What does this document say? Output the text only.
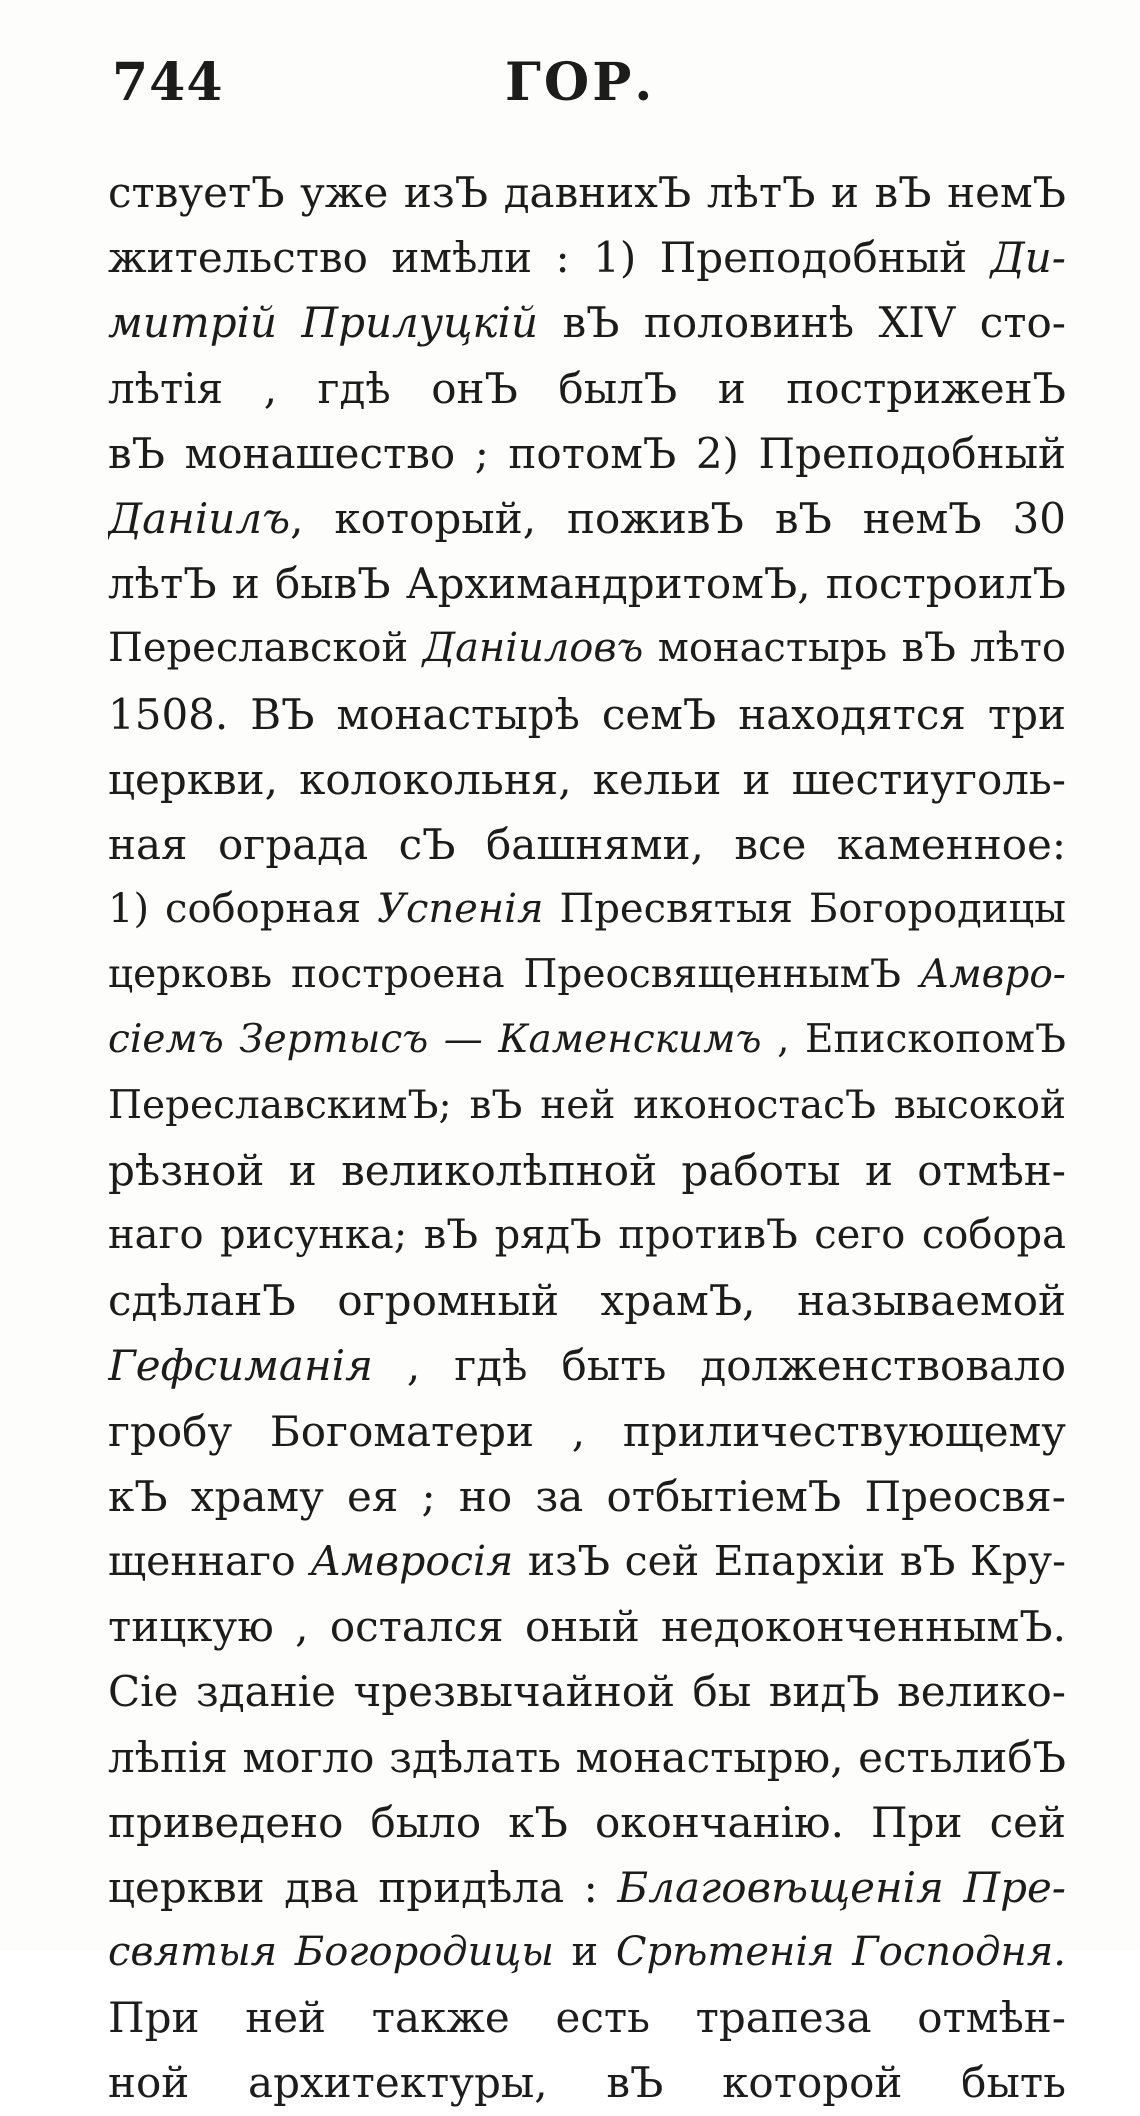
744	ГОР.
ствуетЪ уже изЪ давнихЪ лѣтЪ и вЪ немЪ
жительство имѣли : 1) Преподобный Ди-
митрiй Прилуцкiй вЪ половинѣ XIV сто-
лѣтiя , гдѣ онЪ былЪ и постриженЪ
вЪ монашество ; потомЪ 2) Преподобный
Данiилъ, который, поживЪ вЪ немЪ 30
лѣтЪ и бывЪ АрхимандритомЪ, построилЪ
Переславской Данiиловъ монастырь вЪ лѣто
1508. ВЪ монастырѣ семЪ находятся три
церкви, колокольня, кельи и шестиуголь-
ная ограда сЪ башнями, все каменное:
1) соборная Успенiя Пресвятыя Богородицы
церковь построена ПреосвященнымЪ Амвро-
сiемъ Зертысъ — Каменскимъ , ЕпископомЪ
ПереславскимЪ; вЪ ней иконостасЪ высокой
рѣзной и великолѣпной работы и отмѣн-
наго рисунка; вЪ рядЪ противЪ сего собора
сдѣланЪ огромный храмЪ, называемой
Гефсиманiя , гдѣ быть долженствовало
гробу Богоматери , приличествующему
кЪ храму ея ; но за отбытiемЪ Преосвя-
щеннаго Амвросiя изЪ сей Епархiи вЪ Кру-
тицкую , остался оный недоконченнымЪ.
Сiе зданiе чрезвычайной бы видЪ велико-
лѣпiя могло здѣлать монастырю, естьлибЪ
приведено было кЪ окончанiю. При сей
церкви два придѣла : Благовѣщенiя Пре-
святыя Богородицы и Срѣтенiя Господня.
При ней также есть трапеза отмѣн-
ной архитектуры, вЪ которой быть
